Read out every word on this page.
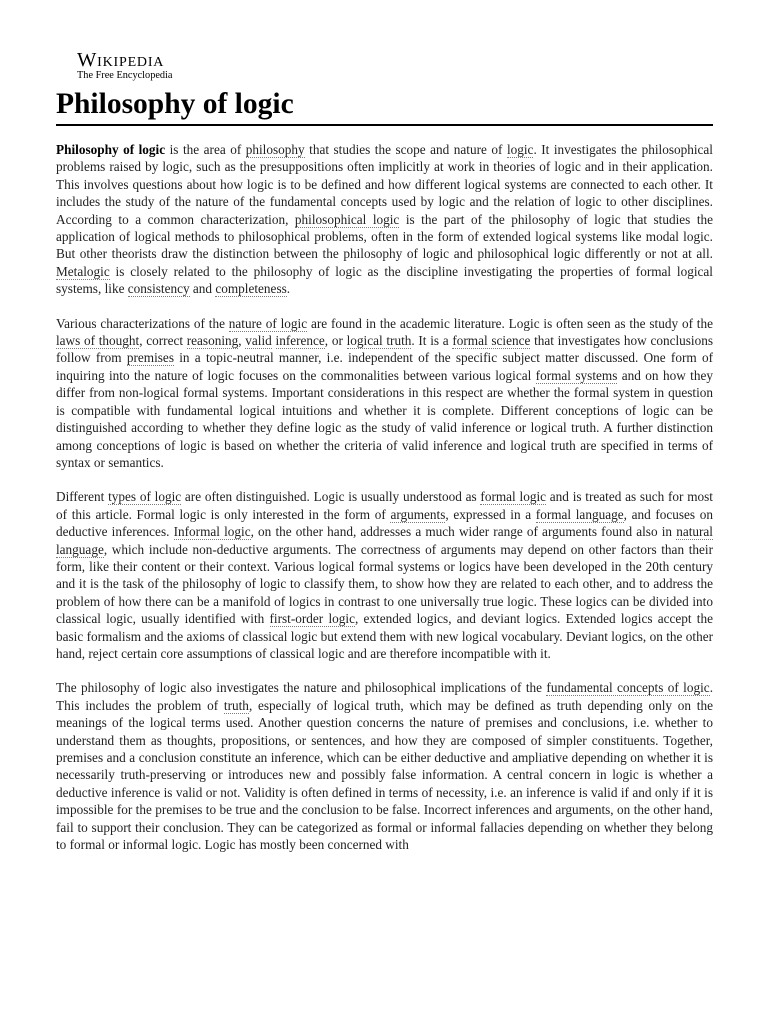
Wikipedia
The Free Encyclopedia
Philosophy of logic

Philosophy of logic is the area of philosophy that studies the scope and nature of logic. It investigates the philosophical problems raised by logic, such as the presuppositions often implicitly at work in theories of logic and in their application. This involves questions about how logic is to be defined and how different logical systems are connected to each other. It includes the study of the nature of the fundamental concepts used by logic and the relation of logic to other disciplines. According to a common characterization, philosophical logic is the part of the philosophy of logic that studies the application of logical methods to philosophical problems, often in the form of extended logical systems like modal logic. But other theorists draw the distinction between the philosophy of logic and philosophical logic differently or not at all. Metalogic is closely related to the philosophy of logic as the discipline investigating the properties of formal logical systems, like consistency and completeness.

Various characterizations of the nature of logic are found in the academic literature. Logic is often seen as the study of the laws of thought, correct reasoning, valid inference, or logical truth. It is a formal science that investigates how conclusions follow from premises in a topic-neutral manner, i.e. independent of the specific subject matter discussed. One form of inquiring into the nature of logic focuses on the commonalities between various logical formal systems and on how they differ from non-logical formal systems. Important considerations in this respect are whether the formal system in question is compatible with fundamental logical intuitions and whether it is complete. Different conceptions of logic can be distinguished according to whether they define logic as the study of valid inference or logical truth. A further distinction among conceptions of logic is based on whether the criteria of valid inference and logical truth are specified in terms of syntax or semantics.

Different types of logic are often distinguished. Logic is usually understood as formal logic and is treated as such for most of this article. Formal logic is only interested in the form of arguments, expressed in a formal language, and focuses on deductive inferences. Informal logic, on the other hand, addresses a much wider range of arguments found also in natural language, which include non-deductive arguments. The correctness of arguments may depend on other factors than their form, like their content or their context. Various logical formal systems or logics have been developed in the 20th century and it is the task of the philosophy of logic to classify them, to show how they are related to each other, and to address the problem of how there can be a manifold of logics in contrast to one universally true logic. These logics can be divided into classical logic, usually identified with first-order logic, extended logics, and deviant logics. Extended logics accept the basic formalism and the axioms of classical logic but extend them with new logical vocabulary. Deviant logics, on the other hand, reject certain core assumptions of classical logic and are therefore incompatible with it.

The philosophy of logic also investigates the nature and philosophical implications of the fundamental concepts of logic. This includes the problem of truth, especially of logical truth, which may be defined as truth depending only on the meanings of the logical terms used. Another question concerns the nature of premises and conclusions, i.e. whether to understand them as thoughts, propositions, or sentences, and how they are composed of simpler constituents. Together, premises and a conclusion constitute an inference, which can be either deductive and ampliative depending on whether it is necessarily truth-preserving or introduces new and possibly false information. A central concern in logic is whether a deductive inference is valid or not. Validity is often defined in terms of necessity, i.e. an inference is valid if and only if it is impossible for the premises to be true and the conclusion to be false. Incorrect inferences and arguments, on the other hand, fail to support their conclusion. They can be categorized as formal or informal fallacies depending on whether they belong to formal or informal logic. Logic has mostly been concerned with
